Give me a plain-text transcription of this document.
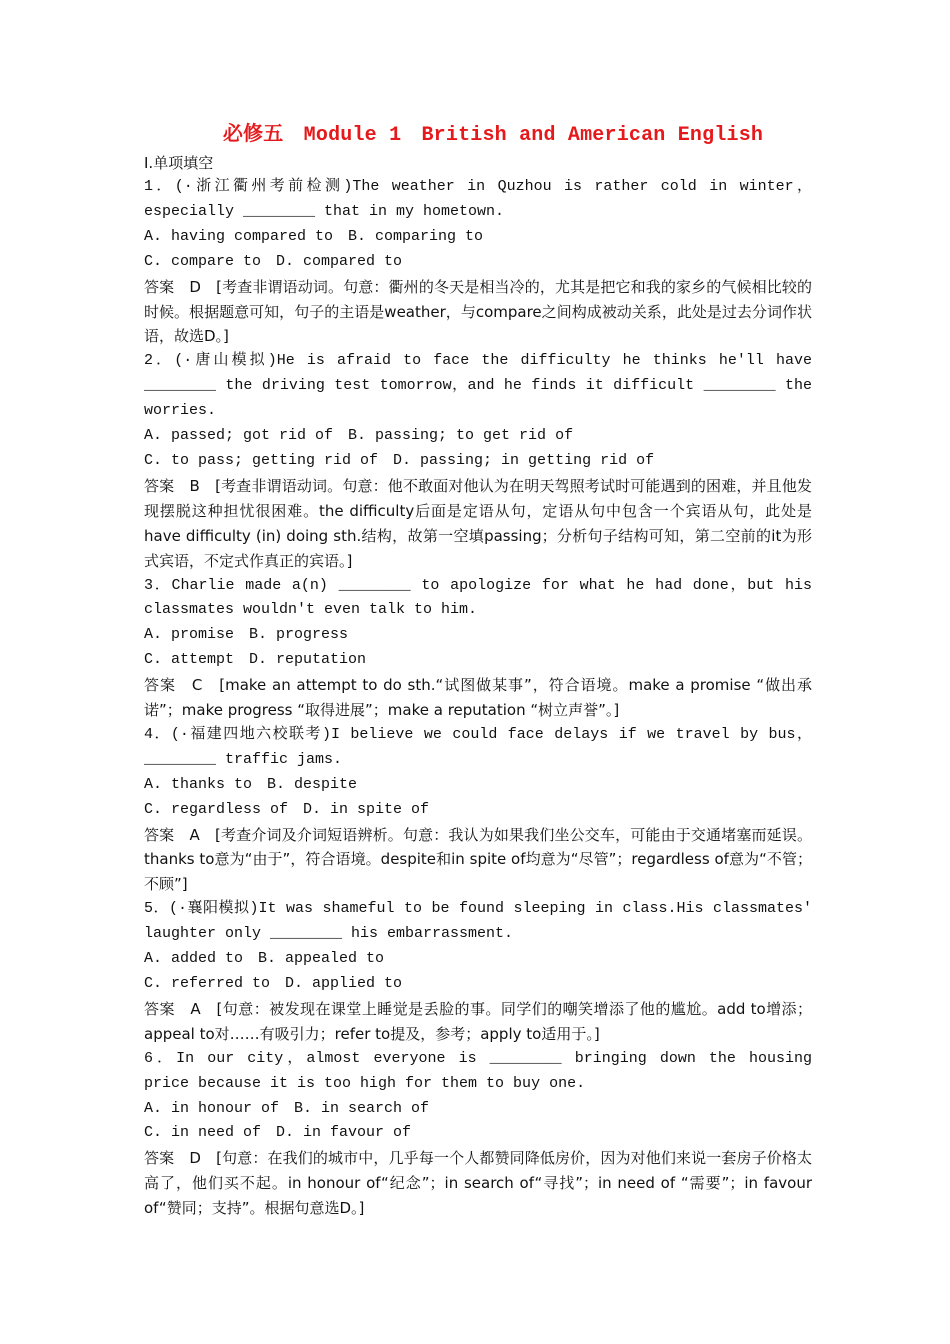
必修五　Module 1　British and American English

I.单项填空

1．(·浙江衢州考前检测)The weather in Quzhou is rather cold in winter，especially ________ that in my hometown.

A. having compared to　B. comparing to

C. compare to　D. compared to

答案　D　[考查非谓语动词。句意：衢州的冬天是相当冷的，尤其是把它和我的家乡的气候相比较的时候。根据题意可知，句子的主语是weather，与compare之间构成被动关系，此处是过去分词作状语，故选D。]

2．(·唐山模拟)He is afraid to face the difficulty he thinks he'll have ________ the driving test tomorrow，and he finds it difficult ________ the worries.

A. passed; got rid of　B. passing; to get rid of

C. to pass; getting rid of　D. passing; in getting rid of

答案　B　[考查非谓语动词。句意：他不敢面对他认为在明天驾照考试时可能遇到的困难，并且他发现摆脱这种担忧很困难。the difficulty后面是定语从句，定语从句中包含一个宾语从句，此处是have difficulty (in) doing sth.结构，故第一空填passing；分析句子结构可知，第二空前的it为形式宾语，不定式作真正的宾语。]

3．Charlie made a(n) ________ to apologize for what he had done，but his classmates wouldn't even talk to him.

A. promise　B. progress

C. attempt　D. reputation

答案　C　[make an attempt to do sth.“试图做某事”，符合语境。make a promise “做出承诺”；make progress “取得进展”；make a reputation “树立声誉”。]

4．(·福建四地六校联考)I believe we could face delays if we travel by bus，________ traffic jams.

A. thanks to　B. despite

C. regardless of　D. in spite of

答案　A　[考查介词及介词短语辨析。句意：我认为如果我们坐公交车，可能由于交通堵塞而延误。thanks to意为“由于”，符合语境。despite和in spite of均意为“尽管”；regardless of意为“不管；不顾”]

5．(·襄阳模拟)It was shameful to be found sleeping in class.His classmates' laughter only ________ his embarrassment.

A. added to　B. appealed to

C. referred to　D. applied to

答案　A　[句意：被发现在课堂上睡觉是丢脸的事。同学们的嘲笑增添了他的尴尬。add to增添；appeal to对……有吸引力；refer to提及，参考；apply to适用于。]

6．In our city，almost everyone is ________ bringing down the housing price because it is too high for them to buy one.

A. in honour of　B. in search of

C. in need of　D. in favour of

答案　D　[句意：在我们的城市中，几乎每一个人都赞同降低房价，因为对他们来说一套房子价格太高了，他们买不起。in honour of“纪念”；in search of“寻找”；in need of “需要”；in favour of“赞同；支持”。根据句意选D。]
